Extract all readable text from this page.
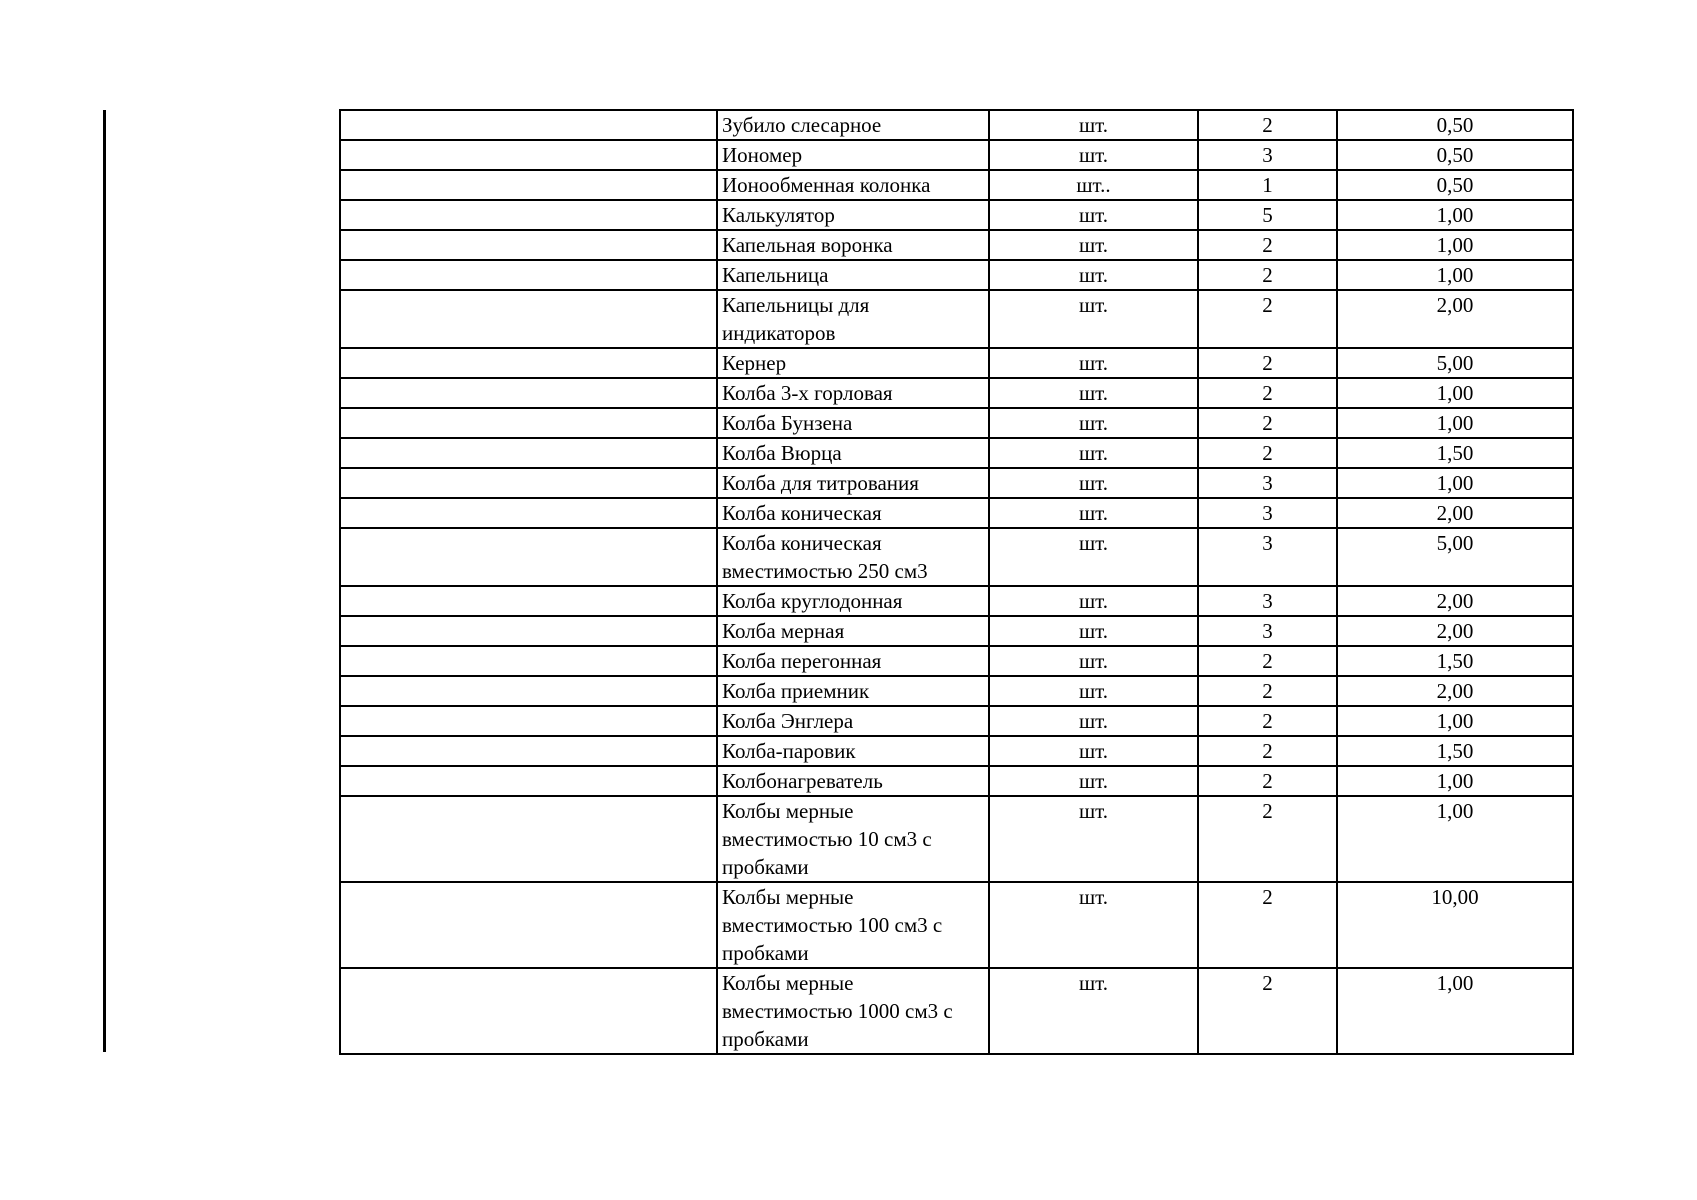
	Зубило слесарное	шт.	2	0,50
	Иономер	шт.	3	0,50
	Ионообменная колонка	шт..	1	0,50
	Калькулятор	шт.	5	1,00
	Капельная воронка	шт.	2	1,00
	Капельница	шт.	2	1,00
	Капельницы для индикаторов	шт.	2	2,00
	Кернер	шт.	2	5,00
	Колба 3-х горловая	шт.	2	1,00
	Колба Бунзена	шт.	2	1,00
	Колба Вюрца	шт.	2	1,50
	Колба для титрования	шт.	3	1,00
	Колба коническая	шт.	3	2,00
	Колба коническая вместимостью 250 см3	шт.	3	5,00
	Колба круглодонная	шт.	3	2,00
	Колба мерная	шт.	3	2,00
	Колба перегонная	шт.	2	1,50
	Колба приемник	шт.	2	2,00
	Колба Энглера	шт.	2	1,00
	Колба-паровик	шт.	2	1,50
	Колбонагреватель	шт.	2	1,00
	Колбы мерные вместимостью 10 см3 с пробками	шт.	2	1,00
	Колбы мерные вместимостью 100 см3 с пробками	шт.	2	10,00
	Колбы мерные вместимостью 1000 см3 с пробками	шт.	2	1,00
